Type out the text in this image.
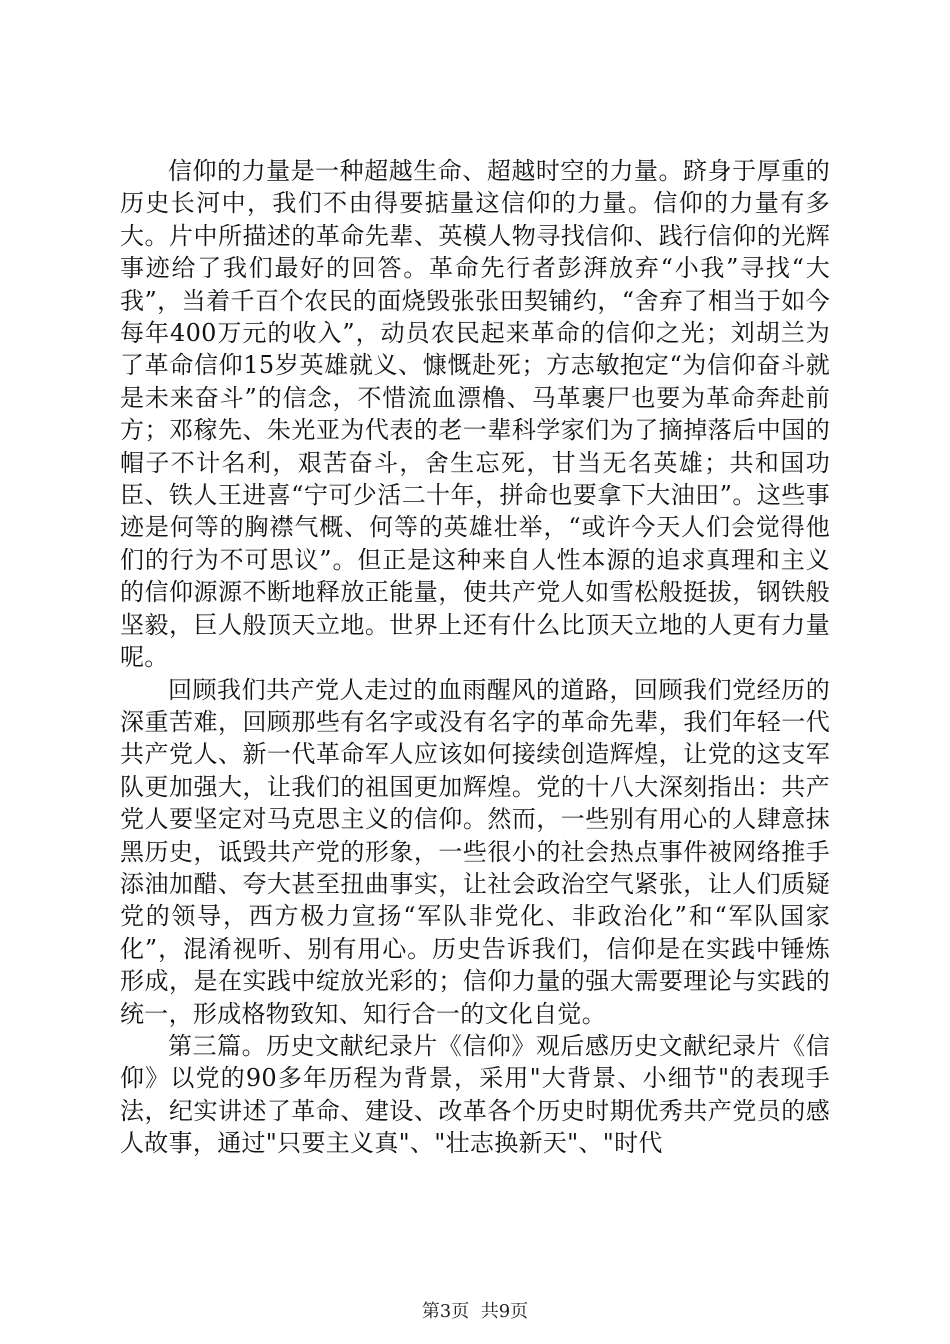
信仰的力量是一种超越生命、超越时空的力量。跻身于厚重的历史长河中，我们不由得要掂量这信仰的力量。信仰的力量有多大。片中所描述的革命先辈、英模人物寻找信仰、践行信仰的光辉事迹给了我们最好的回答。革命先行者彭湃放弃“小我”寻找“大我”，当着千百个农民的面烧毁张张田契铺约，“舍弃了相当于如今每年400万元的收入”，动员农民起来革命的信仰之光；刘胡兰为了革命信仰15岁英雄就义、慷慨赴死；方志敏抱定“为信仰奋斗就是未来奋斗”的信念，不惜流血漂橹、马革裹尸也要为革命奔赴前方；邓稼先、朱光亚为代表的老一辈科学家们为了摘掉落后中国的帽子不计名利，艰苦奋斗，舍生忘死，甘当无名英雄；共和国功臣、铁人王进喜“宁可少活二十年，拼命也要拿下大油田”。这些事迹是何等的胸襟气概、何等的英雄壮举，“或许今天人们会觉得他们的行为不可思议”。但正是这种来自人性本源的追求真理和主义的信仰源源不断地释放正能量，使共产党人如雪松般挺拔，钢铁般坚毅，巨人般顶天立地。世界上还有什么比顶天立地的人更有力量呢。

回顾我们共产党人走过的血雨醒风的道路，回顾我们党经历的深重苦难，回顾那些有名字或没有名字的革命先辈，我们年轻一代共产党人、新一代革命军人应该如何接续创造辉煌，让党的这支军队更加强大，让我们的祖国更加辉煌。党的十八大深刻指出：共产党人要坚定对马克思主义的信仰。然而，一些别有用心的人肆意抹黑历史，诋毁共产党的形象，一些很小的社会热点事件被网络推手添油加醋、夸大甚至扭曲事实，让社会政治空气紧张，让人们质疑党的领导，西方极力宣扬“军队非党化、非政治化”和“军队国家化”，混淆视听、别有用心。历史告诉我们，信仰是在实践中锤炼形成，是在实践中绽放光彩的；信仰力量的强大需要理论与实践的统一，形成格物致知、知行合一的文化自觉。

第三篇。历史文献纪录片《信仰》观后感历史文献纪录片《信仰》以党的90多年历程为背景，采用"大背景、小细节"的表现手法，纪实讲述了革命、建设、改革各个历史时期优秀共产党员的感人故事，通过"只要主义真"、"壮志换新天"、"时代

第3页  共9页
